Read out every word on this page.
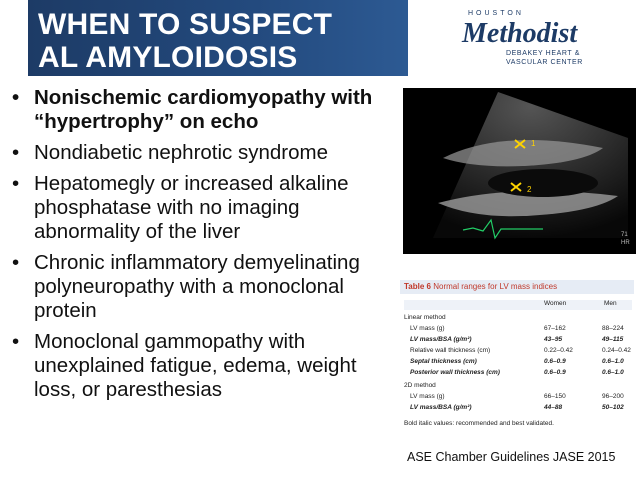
WHEN TO SUSPECT
AL AMYLOIDOSIS
HOUSTON
Methodist
DEBAKEY HEART &
VASCULAR CENTER
• Nonischemic cardiomyopathy with “hypertrophy” on echo
• Nondiabetic nephrotic syndrome
• Hepatomegly or increased alkaline phosphatase with no imaging abnormality of the liver
• Chronic inflammatory demyelinating polyneuropathy with a monoclonal protein
• Monoclonal gammopathy with unexplained fatigue, edema, weight loss, or paresthesias
1
2
71
HR
Table 6 Normal ranges for LV mass indices
Women	Men
Linear method
LV mass (g)	67–162	88–224
LV mass/BSA (g/m²)	43–95	49–115
Relative wall thickness (cm)	0.22–0.42	0.24–0.42
Septal thickness (cm)	0.6–0.9	0.6–1.0
Posterior wall thickness (cm)	0.6–0.9	0.6–1.0
2D method
LV mass (g)	66–150	96–200
LV mass/BSA (g/m²)	44–88	50–102
Bold italic values: recommended and best validated.
ASE Chamber Guidelines JASE 2015
